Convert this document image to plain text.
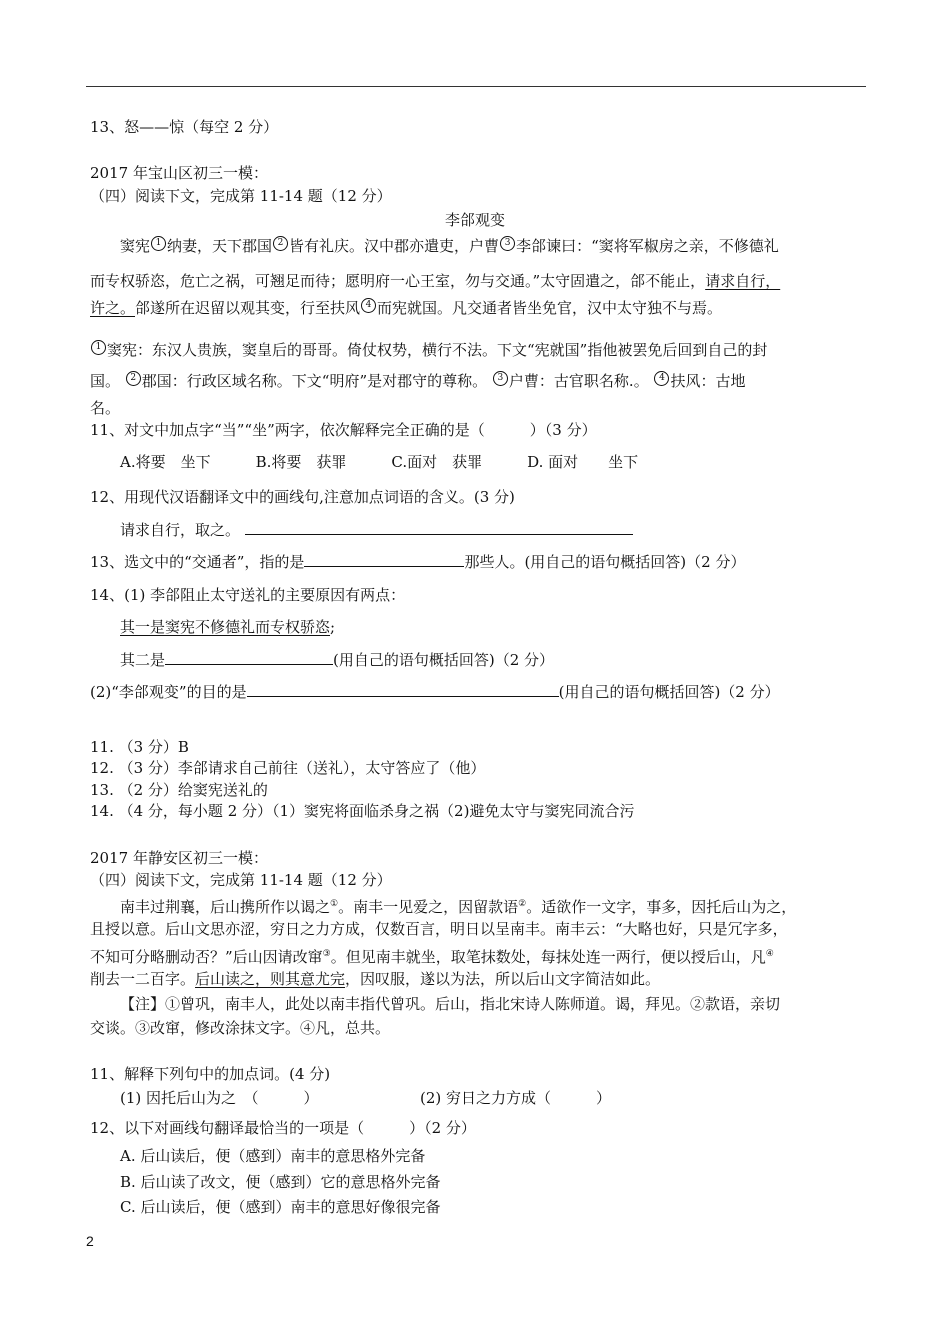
13、怒——惊（每空 2 分）
2017 年宝山区初三一模：
（四）阅读下文，完成第 11-14 题（12 分）
李郃观变
窦宪 1 纳妻，天下郡国 2 皆有礼庆。汉中郡亦遣吏，户曹 3 李郃谏曰：“窦将军椒房之亲，不修德礼
而专权骄恣，危亡之祸，可翘足而待；愿明府一心王室，勿与交通。”太守固遣之，郃不能止，请求自行，
许之。郃遂所在迟留以观其变，行至扶风 4 而宪就国。凡交通者皆坐免官，汉中太守独不与焉。
1 窦宪：东汉人贵族，窦皇后的哥哥。倚仗权势，横行不法。下文“宪就国”指他被罢免后回到自己的封
国。 2 郡国：行政区域名称。下文“明府”是对郡守的尊称。 3 户曹：古官职名称.。 4 扶风：古地
名。
11、对文中加点字“当”“坐”两字，依次解释完全正确的是（　　　）（3 分）
A.将要　坐下　　　B.将要　获罪　　　C.面对　获罪　　　D. 面对　　坐下
12、用现代汉语翻译文中的画线句,注意加点词语的含义。(3 分)
请求自行，取之。
13、选文中的“交通者”，指的是	那些人。(用自己的语句概括回答)（2 分）
14、(1) 李郃阻止太守送礼的主要原因有两点：
其一是窦宪不修德礼而专权骄恣;
其二是	(用自己的语句概括回答)（2 分）
(2)“李郃观变”的目的是	(用自己的语句概括回答)（2 分）
11. （3 分）B
12. （3 分）李郃请求自己前往（送礼），太守答应了（他）
13. （2 分）给窦宪送礼的
14. （4 分，每小题 2 分）（1）窦宪将面临杀身之祸（2)避免太守与窦宪同流合污
2017 年静安区初三一模：
（四）阅读下文，完成第 11-14 题（12 分）
南丰过荆襄，后山携所作以谒之①。南丰一见爱之，因留款语②。适欲作一文字，事多，因托后山为之，
且授以意。后山文思亦涩，穷日之力方成，仅数百言，明日以呈南丰。南丰云：“大略也好，只是冗字多，
不知可分略删动否？”后山因请改窜③。但见南丰就坐，取笔抹数处，每抹处连一两行，便以授后山，凡④
削去一二百字。后山读之，则其意尤完，因叹服，遂以为法，所以后山文字简洁如此。
【注】①曾巩，南丰人，此处以南丰指代曾巩。后山，指北宋诗人陈师道。谒，拜见。②款语，亲切
交谈。③改窜，修改涂抹文字。④凡，总共。
11、解释下列句中的加点词。(4 分)
(1) 因托后山为之　（　　　）	(2) 穷日之力方成（　　　）
12、以下对画线句翻译最恰当的一项是（　　　）（2 分）
A. 后山读后，便（感到）南丰的意思格外完备
B. 后山读了改文，便（感到）它的意思格外完备
C. 后山读后，便（感到）南丰的意思好像很完备
2
